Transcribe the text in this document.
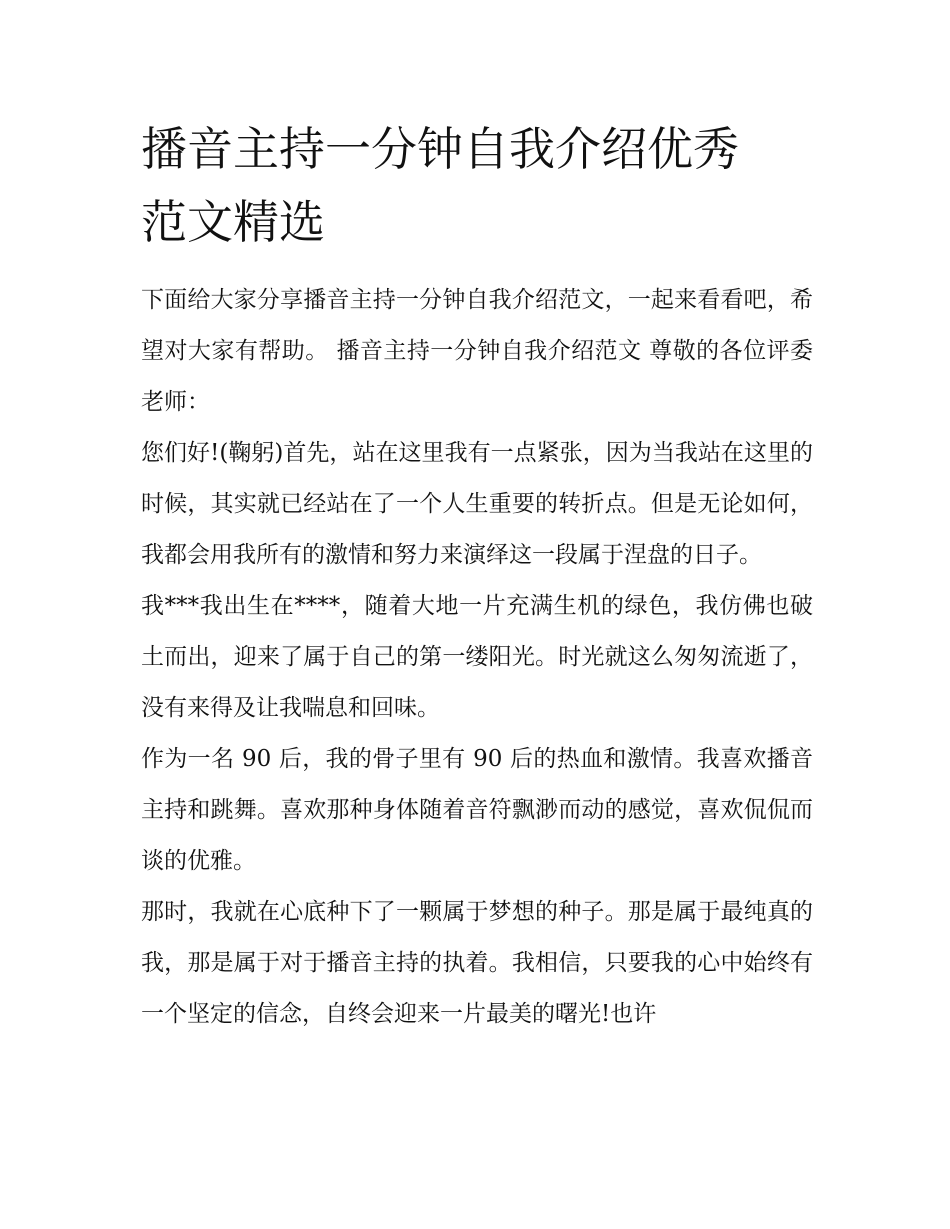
播音主持一分钟自我介绍优秀
范文精选

下面给大家分享播音主持一分钟自我介绍范文，一起来看看吧，希望对大家有帮助。 播音主持一分钟自我介绍范文 尊敬的各位评委老师：

您们好!(鞠躬)首先，站在这里我有一点紧张，因为当我站在这里的时候，其实就已经站在了一个人生重要的转折点。但是无论如何，我都会用我所有的激情和努力来演绎这一段属于涅盘的日子。

我***我出生在****，随着大地一片充满生机的绿色，我仿佛也破土而出，迎来了属于自己的第一缕阳光。时光就这么匆匆流逝了，没有来得及让我喘息和回味。

作为一名 90 后，我的骨子里有 90 后的热血和激情。我喜欢播音主持和跳舞。喜欢那种身体随着音符飘渺而动的感觉，喜欢侃侃而谈的优雅。

那时，我就在心底种下了一颗属于梦想的种子。那是属于最纯真的我，那是属于对于播音主持的执着。我相信，只要我的心中始终有一个坚定的信念，自终会迎来一片最美的曙光!也许
